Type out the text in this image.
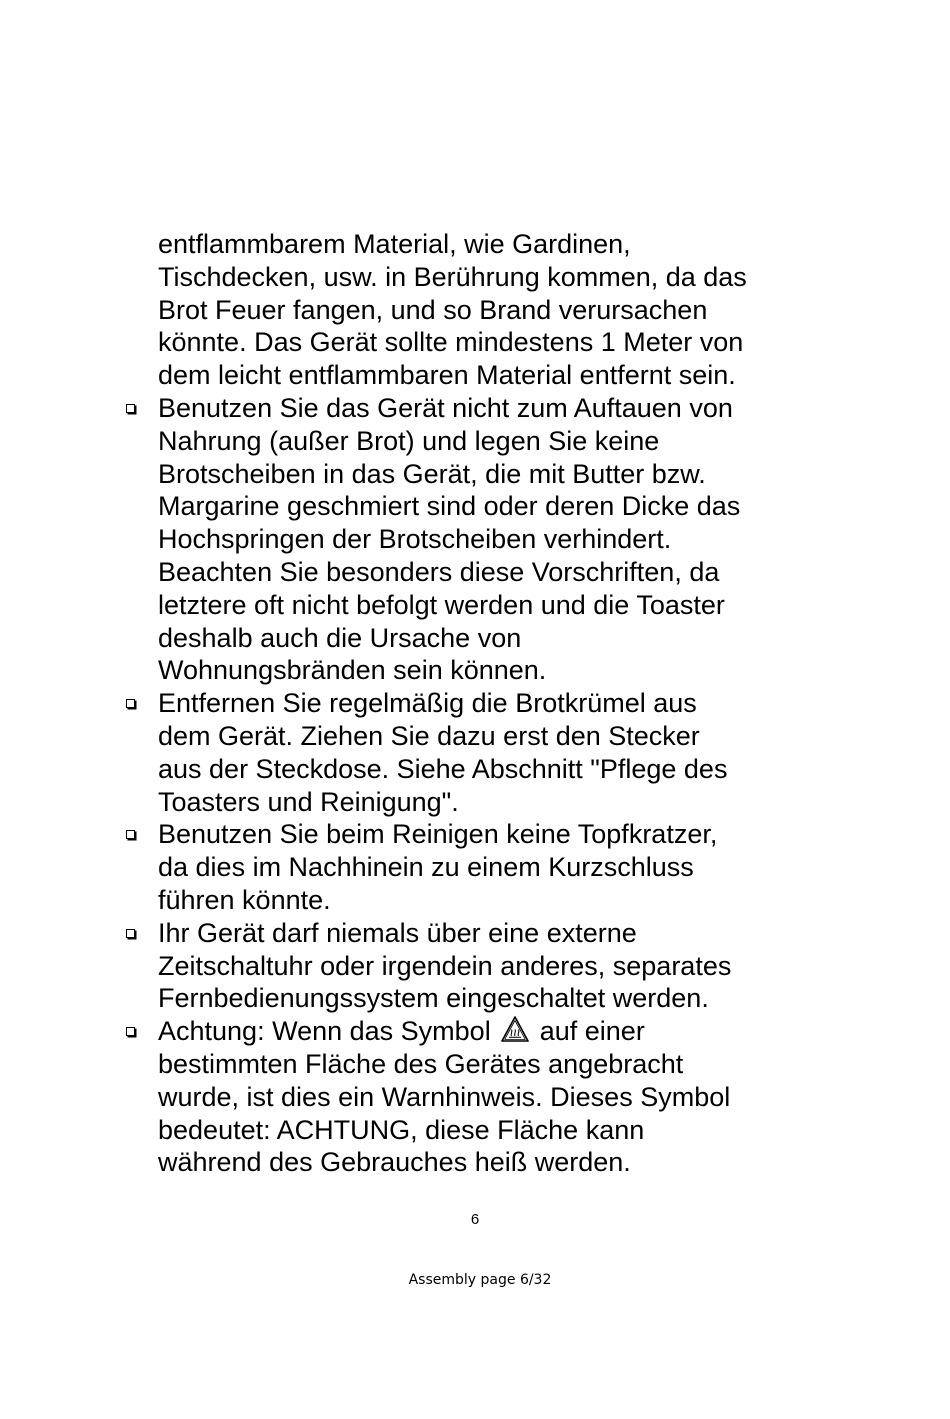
entflammbarem Material, wie Gardinen,
Tischdecken, usw. in Berührung kommen, da das
Brot Feuer fangen, und so Brand verursachen
könnte. Das Gerät sollte mindestens 1 Meter von
dem leicht entflammbaren Material entfernt sein.
Benutzen Sie das Gerät nicht zum Auftauen von
Nahrung (außer Brot) und legen Sie keine
Brotscheiben in das Gerät, die mit Butter bzw.
Margarine geschmiert sind oder deren Dicke das
Hochspringen der Brotscheiben verhindert.
Beachten Sie besonders diese Vorschriften, da
letztere oft nicht befolgt werden und die Toaster
deshalb auch die Ursache von
Wohnungsbränden sein können.
Entfernen Sie regelmäßig die Brotkrümel aus
dem Gerät. Ziehen Sie dazu erst den Stecker
aus der Steckdose. Siehe Abschnitt "Pflege des
Toasters und Reinigung".
Benutzen Sie beim Reinigen keine Topfkratzer,
da dies im Nachhinein zu einem Kurzschluss
führen könnte.
Ihr Gerät darf niemals über eine externe
Zeitschaltuhr oder irgendein anderes, separates
Fernbedienungssystem eingeschaltet werden.
Achtung: Wenn das Symbol auf einer
bestimmten Fläche des Gerätes angebracht
wurde, ist dies ein Warnhinweis. Dieses Symbol
bedeutet: ACHTUNG, diese Fläche kann
während des Gebrauches heiß werden.
6
Assembly page 6/32
